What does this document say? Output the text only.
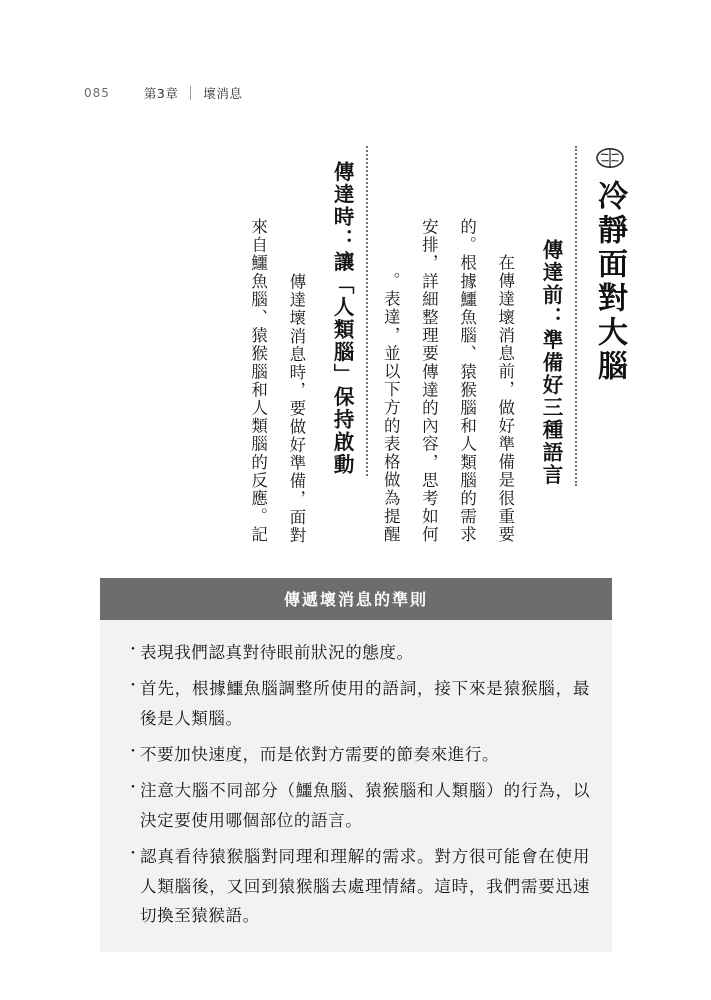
085	第3章 壞消息
冷靜面對大腦
傳達前：準備好三種語言
在傳達壞消息前，做好準備是很重要
的。根據鱷魚腦、猿猴腦和人類腦的需求
安排，詳細整理要傳達的內容，思考如何
表達，並以下方的表格做為提醒。
傳達時：讓「人類腦」保持啟動
傳達壞消息時，要做好準備，面對
來自鱷魚腦、猿猴腦和人類腦的反應。記
傳遞壞消息的準則
・ 表現我們認真對待眼前狀況的態度。
・ 首先，根據鱷魚腦調整所使用的語詞，接下來是猿猴腦，最後是人類腦。
・ 不要加快速度，而是依對方需要的節奏來進行。
・ 注意大腦不同部分（鱷魚腦、猿猴腦和人類腦）的行為，以決定要使用哪個部位的語言。
・ 認真看待猿猴腦對同理和理解的需求。對方很可能會在使用人類腦後，又回到猿猴腦去處理情緒。這時，我們需要迅速切換至猿猴語。
